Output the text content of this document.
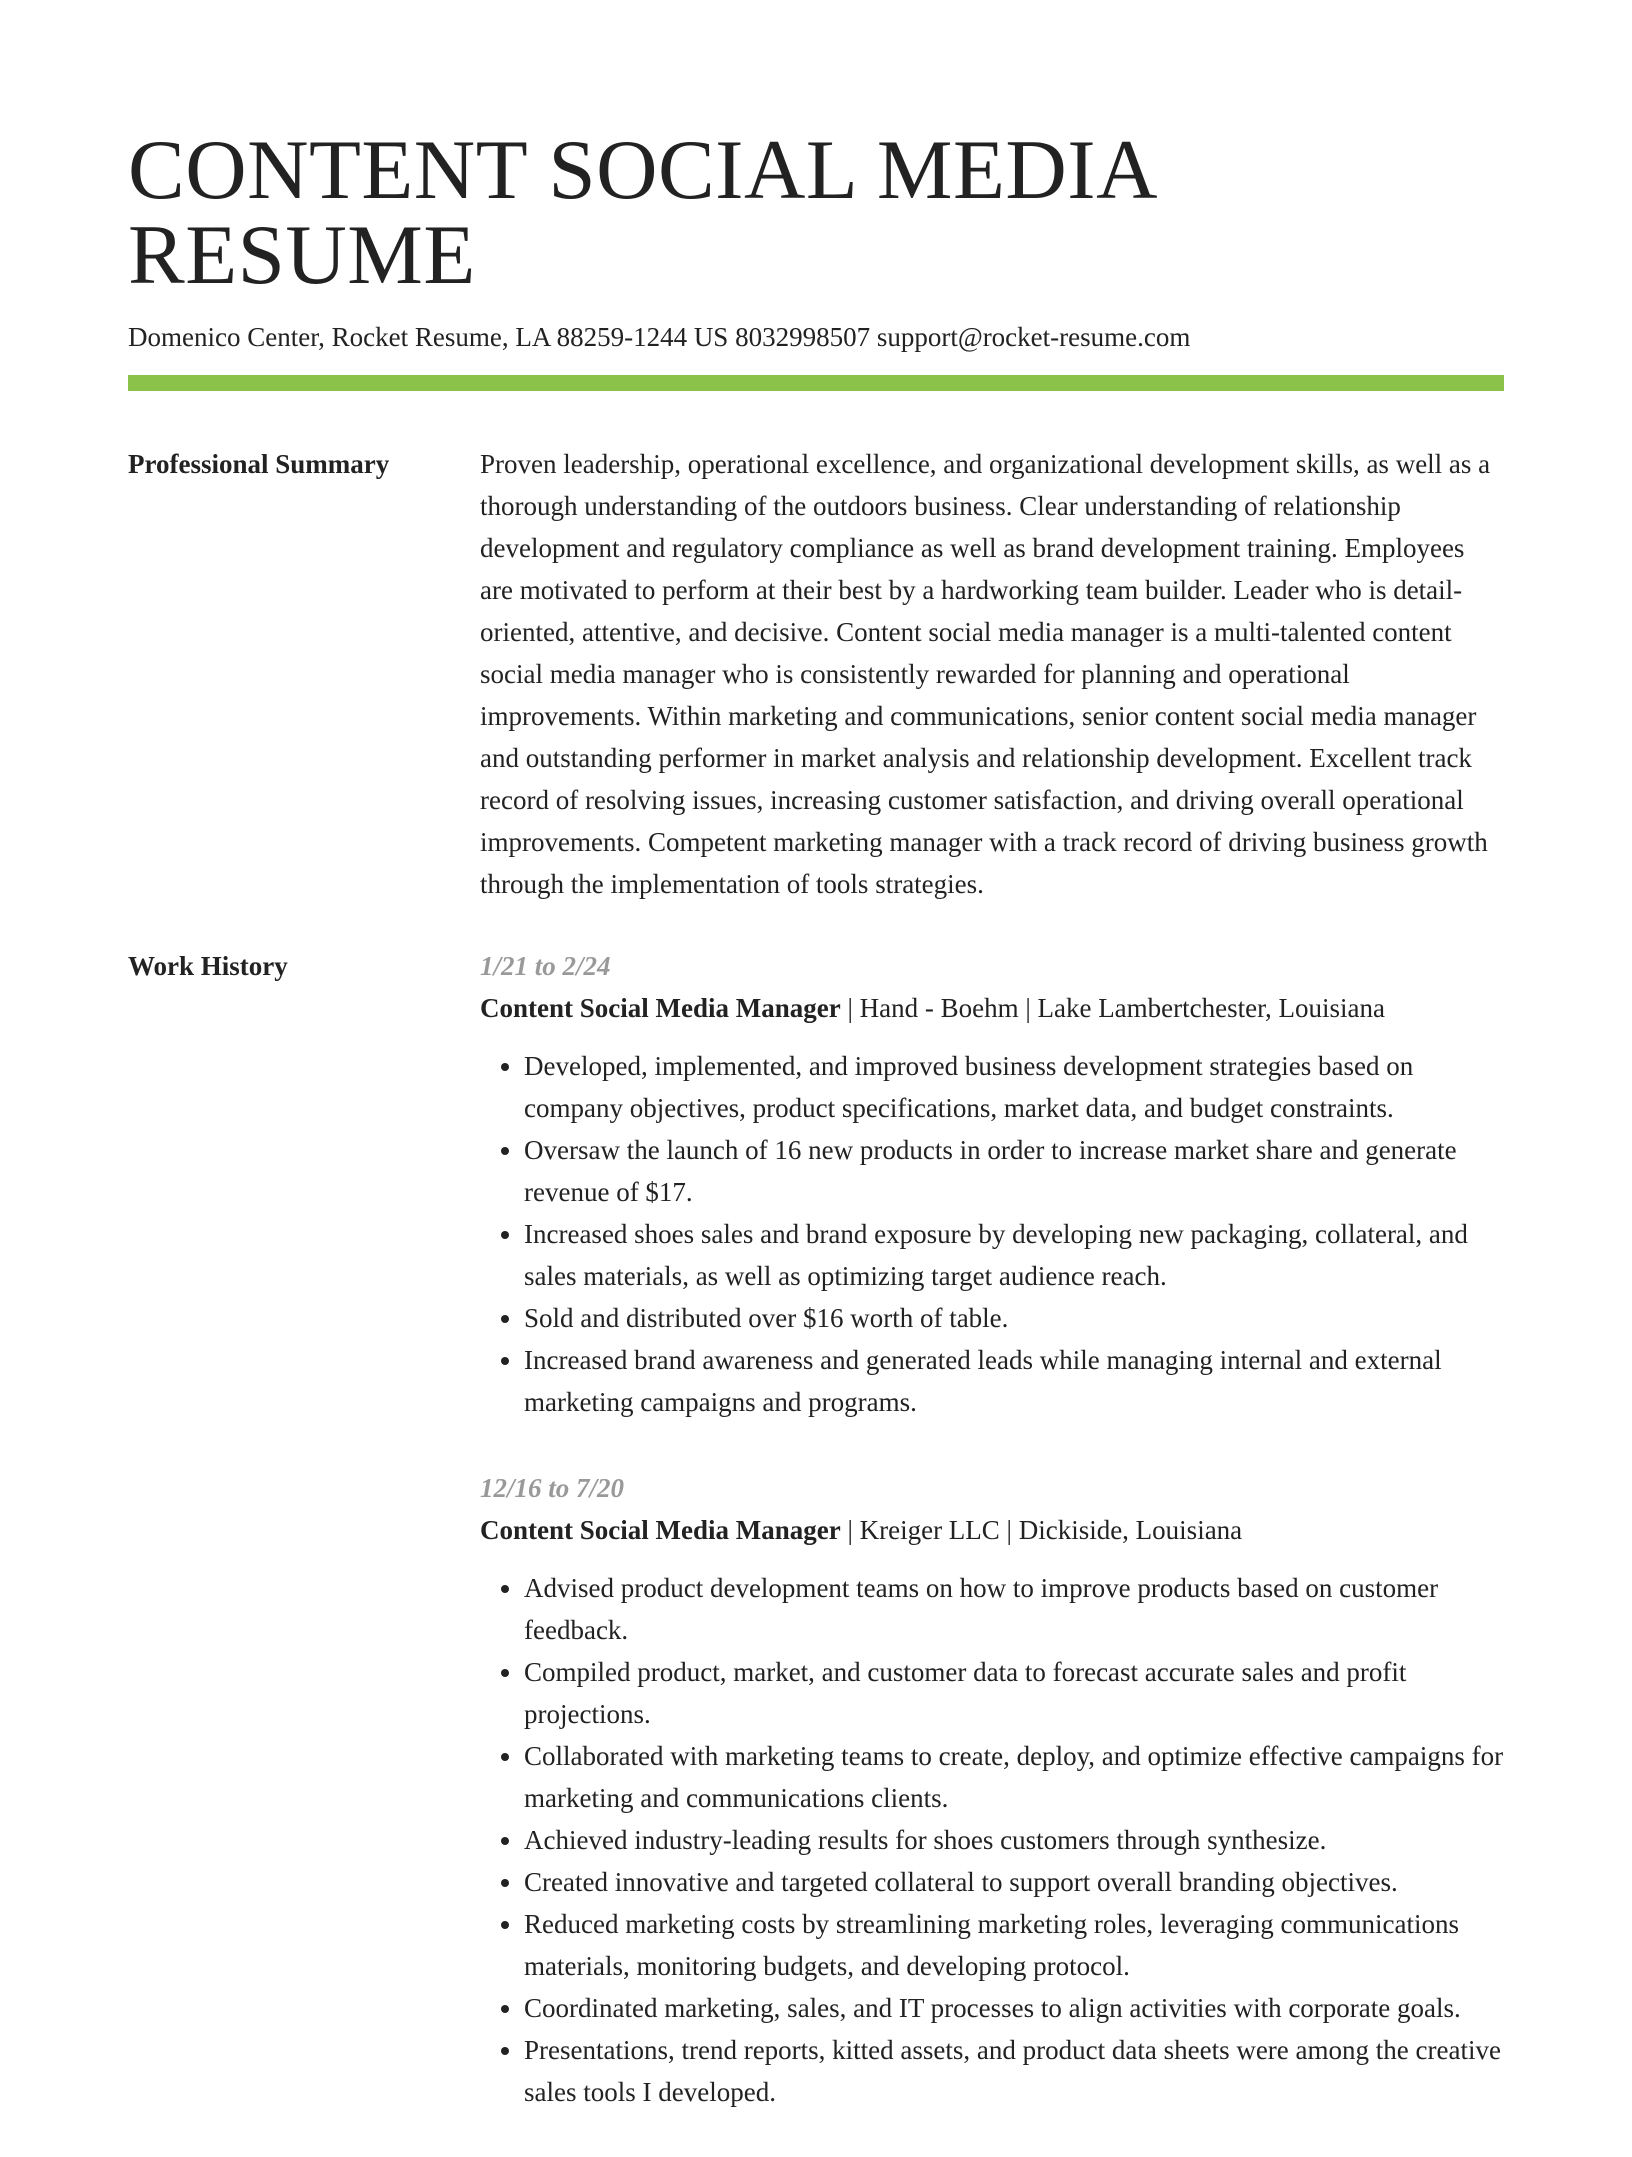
CONTENT SOCIAL MEDIA RESUME
Domenico Center, Rocket Resume, LA 88259-1244 US 8032998507 support@rocket-resume.com
Professional Summary	Proven leadership, operational excellence, and organizational development skills, as well as a thorough understanding of the outdoors business. Clear understanding of relationship development and regulatory compliance as well as brand development training. Employees are motivated to perform at their best by a hardworking team builder. Leader who is detail-oriented, attentive, and decisive. Content social media manager is a multi-talented content social media manager who is consistently rewarded for planning and operational improvements. Within marketing and communications, senior content social media manager and outstanding performer in market analysis and relationship development. Excellent track record of resolving issues, increasing customer satisfaction, and driving overall operational improvements. Competent marketing manager with a track record of driving business growth through the implementation of tools strategies.

Work History	1/21 to 2/24
Content Social Media Manager | Hand - Boehm | Lake Lambertchester, Louisiana
• Developed, implemented, and improved business development strategies based on company objectives, product specifications, market data, and budget constraints.
• Oversaw the launch of 16 new products in order to increase market share and generate revenue of $17.
• Increased shoes sales and brand exposure by developing new packaging, collateral, and sales materials, as well as optimizing target audience reach.
• Sold and distributed over $16 worth of table.
• Increased brand awareness and generated leads while managing internal and external marketing campaigns and programs.
12/16 to 7/20
Content Social Media Manager | Kreiger LLC | Dickiside, Louisiana
• Advised product development teams on how to improve products based on customer feedback.
• Compiled product, market, and customer data to forecast accurate sales and profit projections.
• Collaborated with marketing teams to create, deploy, and optimize effective campaigns for marketing and communications clients.
• Achieved industry-leading results for shoes customers through synthesize.
• Created innovative and targeted collateral to support overall branding objectives.
• Reduced marketing costs by streamlining marketing roles, leveraging communications materials, monitoring budgets, and developing protocol.
• Coordinated marketing, sales, and IT processes to align activities with corporate goals.
• Presentations, trend reports, kitted assets, and product data sheets were among the creative sales tools I developed.
